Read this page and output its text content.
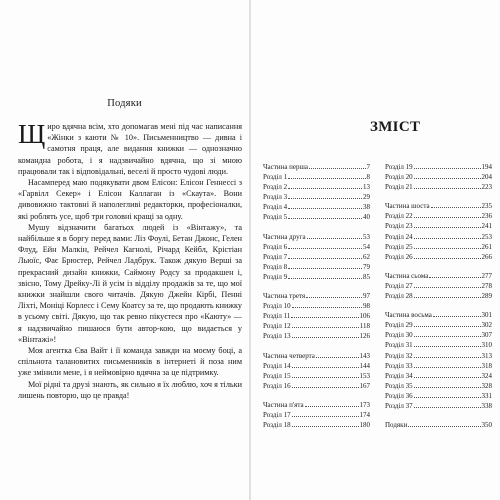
Подяки

Щиро вдячна всім, хто допомагав мені під час написання «Жінки з каюти № 10». Письменництво — дивна і самотня праця, але видання книжки — однозначно командна робота, і я надзвичайно вдячна, що зі мною працювали так і відповідальні, веселі й просто чудові люди.

Насамперед маю подякувати двом Елісон: Елісон Геннессі з «Гарвілл Секер» і Елісон Каллаган із «Скаута». Вони дивовижно тактовні й наполегливі редакторки, професіоналки, які роблять усе, щоб три головні кращі за одну.

Мушу відзначити багатьох людей із «Вінтажу», та найбільше я в боргу перед вами: Ліз Фоулі, Бетан Джонс, Гелен Флуд, Ейн Малкін, Рейчел Кагнолі, Річард Кейбл, Крістіан Льюїс, Фає Брюстер, Рейчел Ладбрук. Також дякую Верші за прекрасний дизайн книжки, Саймону Родсу за продакшен і, звісно, Тому Дрейку-Лі й усім із відділу продажів за те, що мої книжки знайшли свого читачів. Дякую Джейн Кірбі, Пенні Ліхті, Моніці Корлесс і Сему Коатсу за те, що продають книжку в усьому світі. Дякую, що так ревно пікуєтеся про «Каюту» — я надзвичайно пишаюся бути автор-кою, що видається у «Вінтажі»!

Моя агентка Єва Вайт і її команда завжди на моєму боці, а спільнота талановитих письменників в інтернеті й поза ним уже змінили мене, і я неймовірно вдячна за це підтримку.

Мої рідні та друзі знають, як сильно я їх люблю, хоч я тільки лишень повторю, що це правда!

ЗМІСТ
Частина перша	7
Розділ 1	8
Розділ 2	13
Розділ 3	29
Розділ 4	38
Розділ 5	40
Частина друга	53
Розділ 6	54
Розділ 7	62
Розділ 8	79
Розділ 9	85
Частина третя	97
Розділ 10	98
Розділ 11	106
Розділ 12	118
Розділ 13	126
Частина четверта	143
Розділ 14	144
Розділ 15	153
Розділ 16	167
Частина п'ята	173
Розділ 17	174
Розділ 18	180
Розділ 19	194
Розділ 20	204
Розділ 21	223
Частина шоста	235
Розділ 22	236
Розділ 23	241
Розділ 24	253
Розділ 25	261
Розділ 26	266
Частина сьома	277
Розділ 27	278
Розділ 28	289
Частина восьма	301
Розділ 29	302
Розділ 30	307
Розділ 31	310
Розділ 32	313
Розділ 33	318
Розділ 34	324
Розділ 35	328
Розділ 36	331
Розділ 37	338
Подяки	350
